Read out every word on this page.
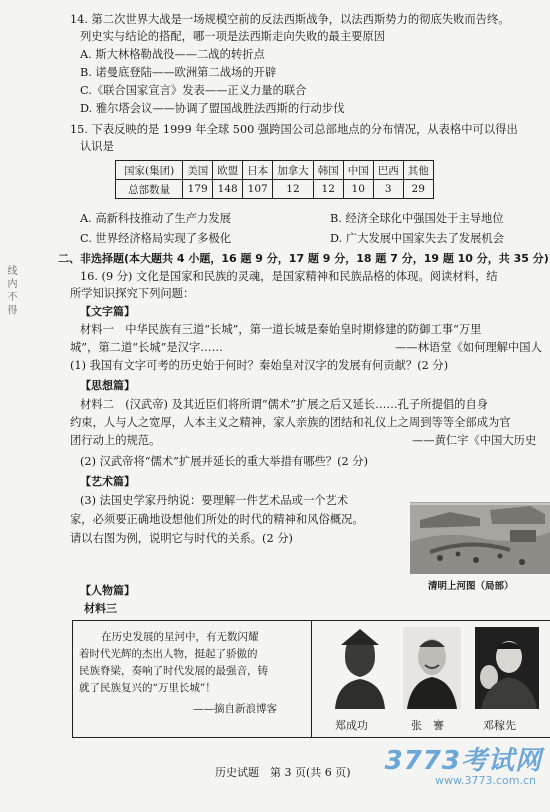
线 内 不 得
14. 第二次世界大战是一场规模空前的反法西斯战争，以法西斯势力的彻底失败而告终。
列史实与结论的搭配，哪一项是法西斯走向失败的最主要原因
A. 斯大林格勒战役——二战的转折点
B. 诺曼底登陆——欧洲第二战场的开辟
C.《联合国家宣言》发表——正义力量的联合
D. 雅尔塔会议——协调了盟国战胜法西斯的行动步伐
15. 下表反映的是 1999 年全球 500 强跨国公司总部地点的分布情况，从表格中可以得出
认识是
国家(集团)	美国	欧盟	日本	加拿大	韩国	中国	巴西	其他
总部数量	179	148	107	12	12	10	3	29
A. 高新科技推动了生产力发展	B. 经济全球化中强国处于主导地位
C. 世界经济格局实现了多极化	D. 广大发展中国家失去了发展机会
二、非选择题(本大题共 4 小题，16 题 9 分，17 题 9 分，18 题 7 分，19 题 10 分，共 35 分)
16. (9 分) 文化是国家和民族的灵魂，是国家精神和民族品格的体现。阅读材料，结
所学知识探究下列问题：
【文字篇】
材料一　中华民族有三道“长城”，第一道长城是秦始皇时期修建的防御工事“万里
城”，第二道“长城”是汉字……	——林语堂《如何理解中国人
(1) 我国有文字可考的历史始于何时？秦始皇对汉字的发展有何贡献？(2 分)
【思想篇】
材料二　(汉武帝) 及其近臣们将所谓“儒术”扩展之后又延长……孔子所提倡的自身
约束，人与人之宽厚，人本主义之精神，家人亲族的团结和礼仪上之周到等等全部成为官
团行动上的规范。	——黄仁宇《中国大历史
(2) 汉武帝将“儒术”扩展并延长的重大举措有哪些？(2 分)
【艺术篇】
(3) 法国史学家丹纳说：要理解一件艺术品或一个艺术
家，必须要正确地设想他们所处的时代的精神和风俗概况。
请以右图为例，说明它与时代的关系。(2 分)
清明上河图（局部）
【人物篇】
材料三
在历史发展的星河中，有无数闪耀
着时代光辉的杰出人物，挺起了骄傲的
民族脊梁，奏响了时代发展的最强音，铸
就了民族复兴的“万里长城”！
——摘自新浪博客
郑成功	张　謇	邓稼先
历史试题　第 3 页(共 6 页) 3773考试网
www.3773.com.cn
